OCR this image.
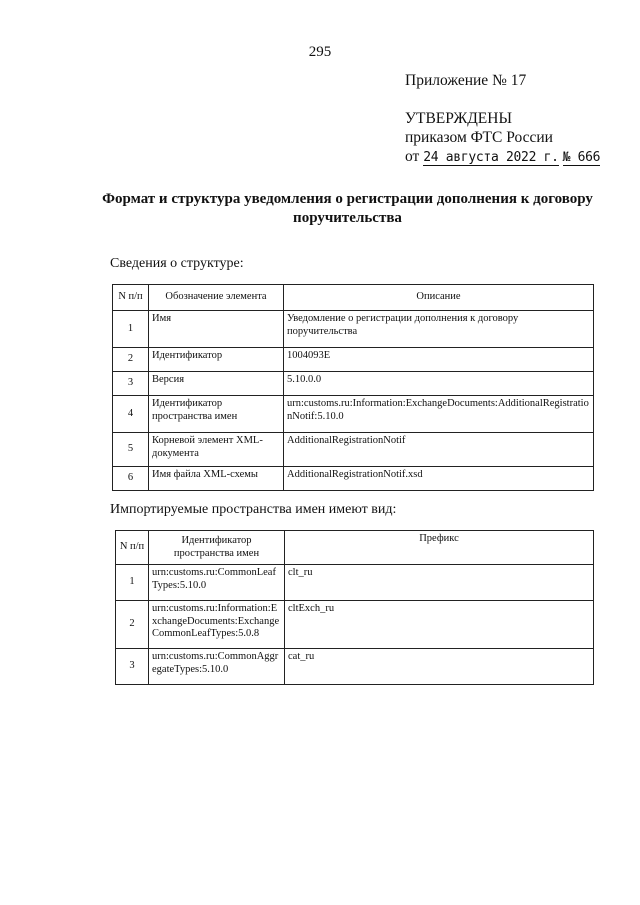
295
Приложение № 17
УТВЕРЖДЕНЫ
приказом ФТС России
от 24 августа 2022 г. № 666
Формат и структура уведомления о регистрации дополнения к договору поручительства
Сведения о структуре:
N п/п	Обозначение элемента	Описание
1	Имя	Уведомление о регистрации дополнения к договору поручительства
2	Идентификатор	1004093E
3	Версия	5.10.0.0
4	Идентификатор пространства имен	urn:customs.ru:Information:ExchangeDocuments:AdditionalRegistrationNotif:5.10.0
5	Корневой элемент XML-документа	AdditionalRegistrationNotif
6	Имя файла XML-схемы	AdditionalRegistrationNotif.xsd
Импортируемые пространства имен имеют вид:
N п/п	Идентификатор пространства имен	Префикс
1	urn:customs.ru:CommonLeafTypes:5.10.0	clt_ru
2	urn:customs.ru:Information:ExchangeDocuments:ExchangeCommonLeafTypes:5.0.8	cltExch_ru
3	urn:customs.ru:CommonAggregateTypes:5.10.0	cat_ru
